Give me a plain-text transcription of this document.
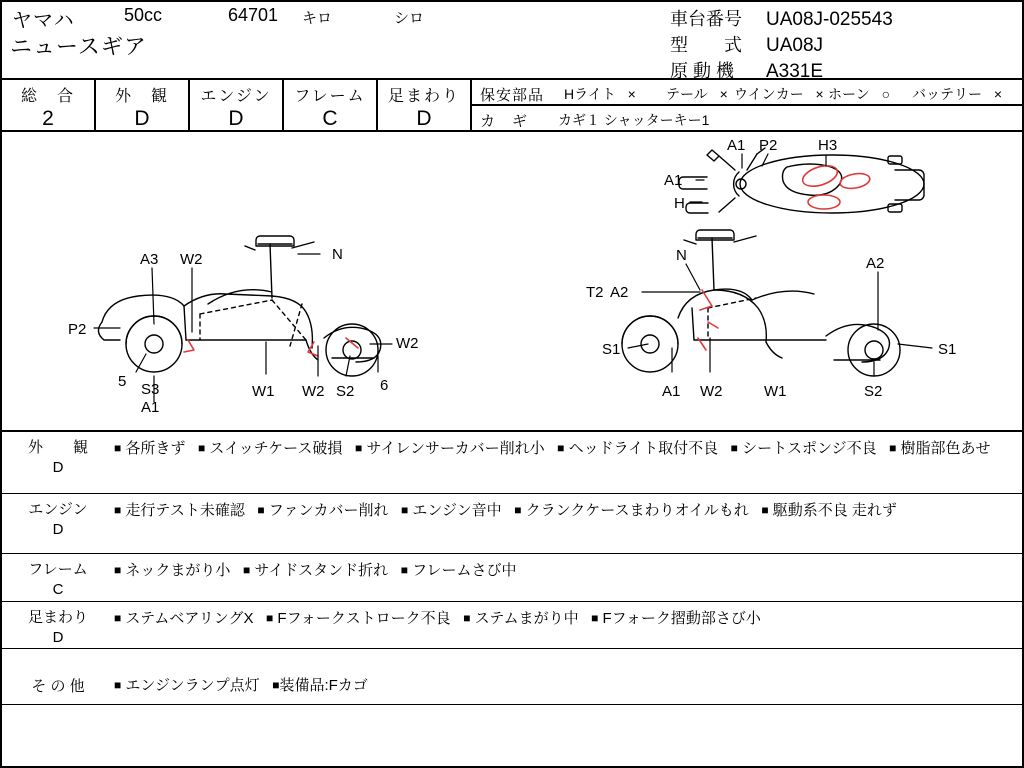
ヤマハ	50cc	64701 キロ	シロ
ニュースギア
車台番号 UA08J-025543
型　　式 UA08J
原 動 機 A331E
総　合
2
外　観
D
エンジン
D
フレーム
C
足まわり
D
保安部品 Hライト × テール × ウインカー × ホーン ○ バッテリー ×
カ　ギ カギ１ シャッターキー1
A1 P2	H3
A1
H
A3 W2	N
P2
W2
5 S3
A1
W1 W2 S2 6
N	A2
T2 A2
S1	S1
A1 W2	W1	S2
外　　観
D
■ 各所きず ■ スイッチケース破損 ■ サイレンサーカバー削れ小 ■ ヘッドライト取付不良 ■ シートスポンジ不良 ■ 樹脂部色あせ
エンジン
D
■ 走行テスト未確認 ■ ファンカバー削れ ■ エンジン音中 ■ クランクケースまわりオイルもれ ■ 駆動系不良 走れず
フレーム
C
■ ネックまがり小 ■ サイドスタンド折れ ■ フレームさび中
足まわり
D
■ ステムベアリングX ■ Fフォークストローク不良 ■ ステムまがり中 ■ Fフォーク摺動部さび小
そ の 他	■ エンジンランプ点灯 ■装備品:Fカゴ
